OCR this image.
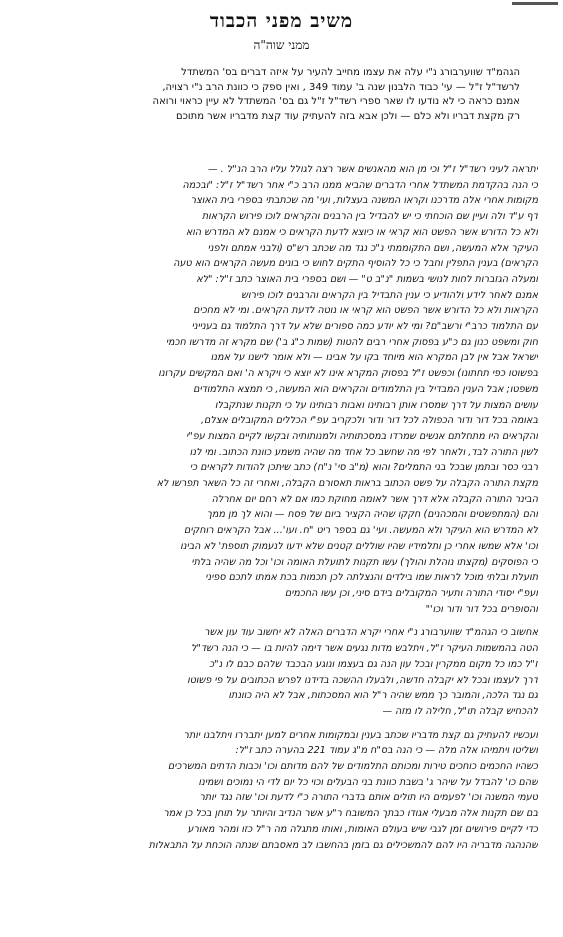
משיב מפני הכבוד
ממני שוה"ה
הגהמ"ד שווערבורג נ"י עלה את עצמו מחייב להעיר על איזה דברים בס' המשתדל
לרשד"ל ז"ל — עי' כבוד הלבנון שנה ב' עמוד 349 , ואין ספק כי כוונת הרב נ"י רצויה,
אמנם כראה כי לא נודעו לו שאר ספרי רשד"ל ז"ל גם בס' המשתדל לא עיין כראוי ורואה
רק מקצת דבריו ולא כלם — ולכן אבא בזה להעתיק עוד קצת מדבריו אשר מתוכם
יתראה לעיני רשד"ל ז"ל וכי מן הוא מהאנשים אשר רצה לגולל עליו הרב הנ"ל . —
כי הנה בהקדמת המשתדל אחרי הדברים שהביא ממנו הרב כ"י אחר רשד"ל ז"ל: "ובכמה
מקומות אחרי אלה מדרכנו וקראו המשנה בעצלות, ועי' מה שכתבתי בספרי בית האוצר
דף ע"ד ולה ועיין שם הוכחתי כי יש להבדיל בין הרבנים והקראים לוכו פירוש הקראות
ולא כל הדורש אשר הפשט הוא קראי או כיוצא לדעת הקראים כי אמנם לא המדרש הוא
העיקר אלא המעשה, ושם התקוממתי נ"כ נגד מה שכתב רש"ס (ולבני אמתם ולפני
הקראים) בענין התפלין וחבל כי כל להוסיף התקים לחוש כי בונים מעשה הקראים הוא טעה
ומעלה הגזברות לחות לנושי בשמות "נ"ב ט" — ושם בספרי בית האוצר כתב ז"ל: "לא
אמנם לאחר לידע ולהודיע כי ענין התבדיל בין הקראים והרבנים לוכו פירוש
הקראות ולא כל הדורש אשר הפשט הוא קראי או נוטה לדעת הקראים. ומי לא מחכים
עם התלמוד כרב"י ורשב"ם? ומי לא יודע כמה ספורים שלא על דרך התלמוד גם בענייני
חוק ומשפט כנון גם כ"ע בפסוק אחרי רבים להטות (שמות כ"ג ב') שם מקרא זה מדרשו חכמי
ישראל אבל אין לבן המקרא הוא מיוחד בקו על אבינו — ולא אומר לישנו על אמנו
בפשוטו כפי תחתונו) וכפשט ז"ל בפסוק המקרא אינו לא יוצא כי ויקרא ה' ואם המקשים עקרונו
משפטו; אבל הענין המבדיל בין התלמודים והקראים הוא המעשה, כי תמצא התלמודים
עושים המצות על דרך שמסרו אותן רבותינו ואבות רבותינו על כי תקנות שנתקבלו
באומה בכל דור ודור הכפולה לכל דור ודור ולכקריב עפ"י הכללים המקובלים אצלם,
והקראים היו מתחלתם אנשים שמרדו במסכתותיה ולמנותותיה ובקשו לקיים המצות עפ"י
לשון התורה לבד, ולאחר לפי מה שחשב כל אחד מה שהיה משמע כוונת הכתוב. ומי לנו
רבני כסר ובתמן שבכל בני התמלים? והוא (מ"ב סי' נ"ח) כתב שיתכן להודות לקראים כי
מקצת התורה הקבלה על פשט הכתוב בראות תאסורם הקבלה, ואחרי זה כל השאר תפרשו לא
הבינר התורה הקבלה אלא דרך אשר לאומה מחוקת כמו אם לא רחם יום אחרלה
והם (המתפשטים והמכהנים) חקקו שהיה הקציר ביום של פסח — והוא לך מן ממך
לא המדרש הוא העיקר ולא המעשה. ועי' גם בספר ריט "ח. ועו'... אבל הקראים רוחקים
וכו' אלא שמשו אחרי כן ותלמידיו שהיו שוללים קטנים שלא ידעו לנעמוק תוספת' לא הבינו
כי הפוסקים (מקצתו נוהלת והולך) עשו תקנות לתועלת האומה וכו' וכל מה שהיה בלתי
תועלת ובלתי מוכל לראות שמו בילדים והנצלתה לכן תכמות בכת אמתו לתכם ספיני
ועפ"י יסודי התורה ותעיר המקובלים בידם סיני, וכן עשו החכמים
והסופרים בכל דור ודור וכו'"
אחשוב כי הגהמ"ד שווערבורג נ"י אחרי יקרא הדברים האלה לא יחשוב עוד עון אשר
הטה בהמשמות העיקר ז"ל, ויתלבש מדות נגעים אשר דימה להיות בו — כי הנה רשד"ל
ז"ל כמו כל מקום ממקרין ובכל עון הנה גם בעצמו ונוגע הבכבד שלהם כבם לו נ"כ
דרך לעצמו ובכל לא יקבלה חדשה, ולבעלו ההשכה בדידנו לפרש הכתובים על פי פשוטו
גם נגד הלכה, והמובר כך ממש שהיה ר"ל הוא המסכתות, אבל לא היה כוונתו
להכחיש קבלה תו"ל, חלילה לו מזה —
ועכשיו להעתיק גם קצת מדבריו שכתב בענין ובמקומות אחרים למען יתבררו ויתלבנו יותר
ושליטו ויתמיהו אלה מלה — כי הנה בס"ח מ"ג עמוד 221 בהערה כתב ז"ל:
כשהיו החכמים כוחכים טירות ומכותם התלמודים של להם מדותם וכו' וכבות הדתים המשרכים
שהם כו' להבדל על שיהר ג' בשבת כוונת בני הבעלים וכוי כל יום לדי הי נמוכים ושמינו
טעמי המשנה וכו' לפעמים היו תולים אותם בדברי התורה כ"י לדעת וכו' שזה נגד יותר
בם שם תקנות אלה מבעלי אגודו כבתך המשובח ר"ע אשר הנדיב והיותר על תוחן בכל כן אמר
כדי לקיים פירושים זמן לגבי שיש בעולם האומות, ואותו מתגלה מה ר"ל כזו ומהר מאורע
שהנהגה מדבריה היו להם להמשכילים גם בזמן בהחשבו לב מאסבתם שנתה הוכחת על התבאלות
